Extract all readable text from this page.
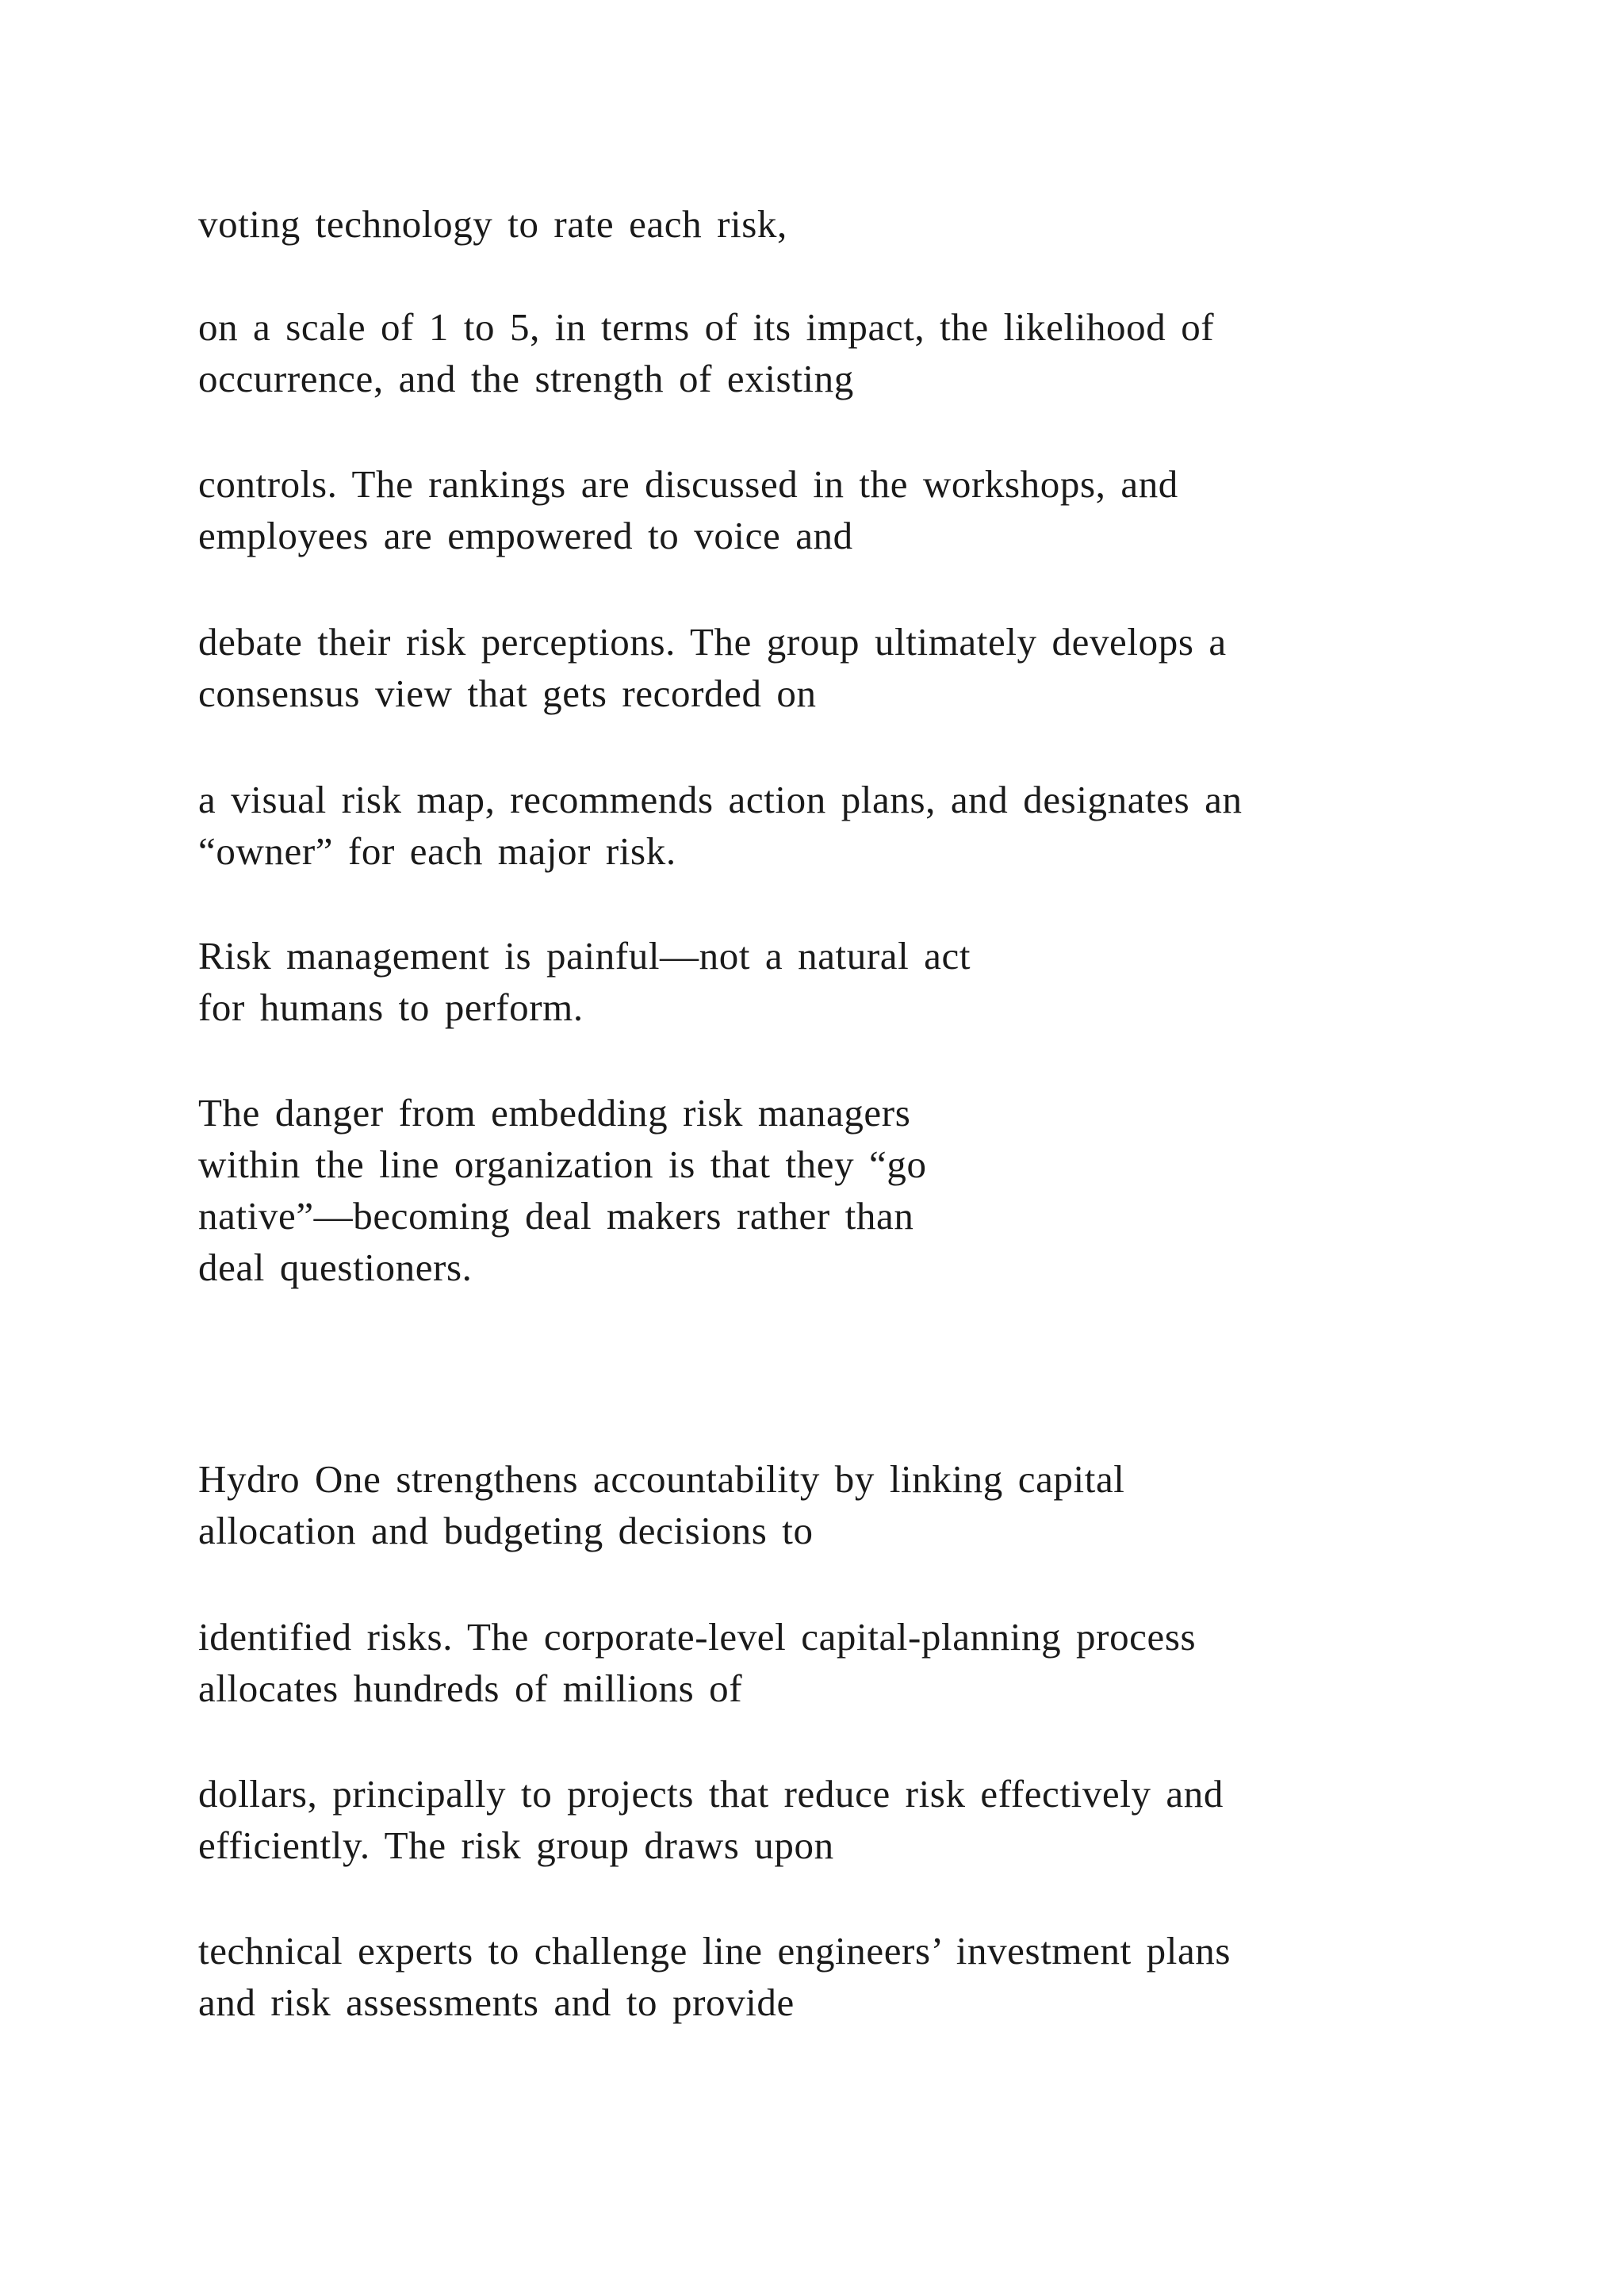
voting technology to rate each risk,

on a scale of 1 to 5, in terms of its impact, the likelihood of
occurrence, and the strength of existing

controls. The rankings are discussed in the workshops, and
employees are empowered to voice and

debate their risk perceptions. The group ultimately develops a
consensus view that gets recorded on

a visual risk map, recommends action plans, and designates an
“owner” for each major risk.

Risk management is painful—not a natural act
for humans to perform.

The danger from embedding risk managers
within the line organization is that they “go
native”—becoming deal makers rather than
deal questioners.

Hydro One strengthens accountability by linking capital
allocation and budgeting decisions to

identified risks. The corporate-level capital-planning process
allocates hundreds of millions of

dollars, principally to projects that reduce risk effectively and
efficiently. The risk group draws upon

technical experts to challenge line engineers’ investment plans
and risk assessments and to provide
